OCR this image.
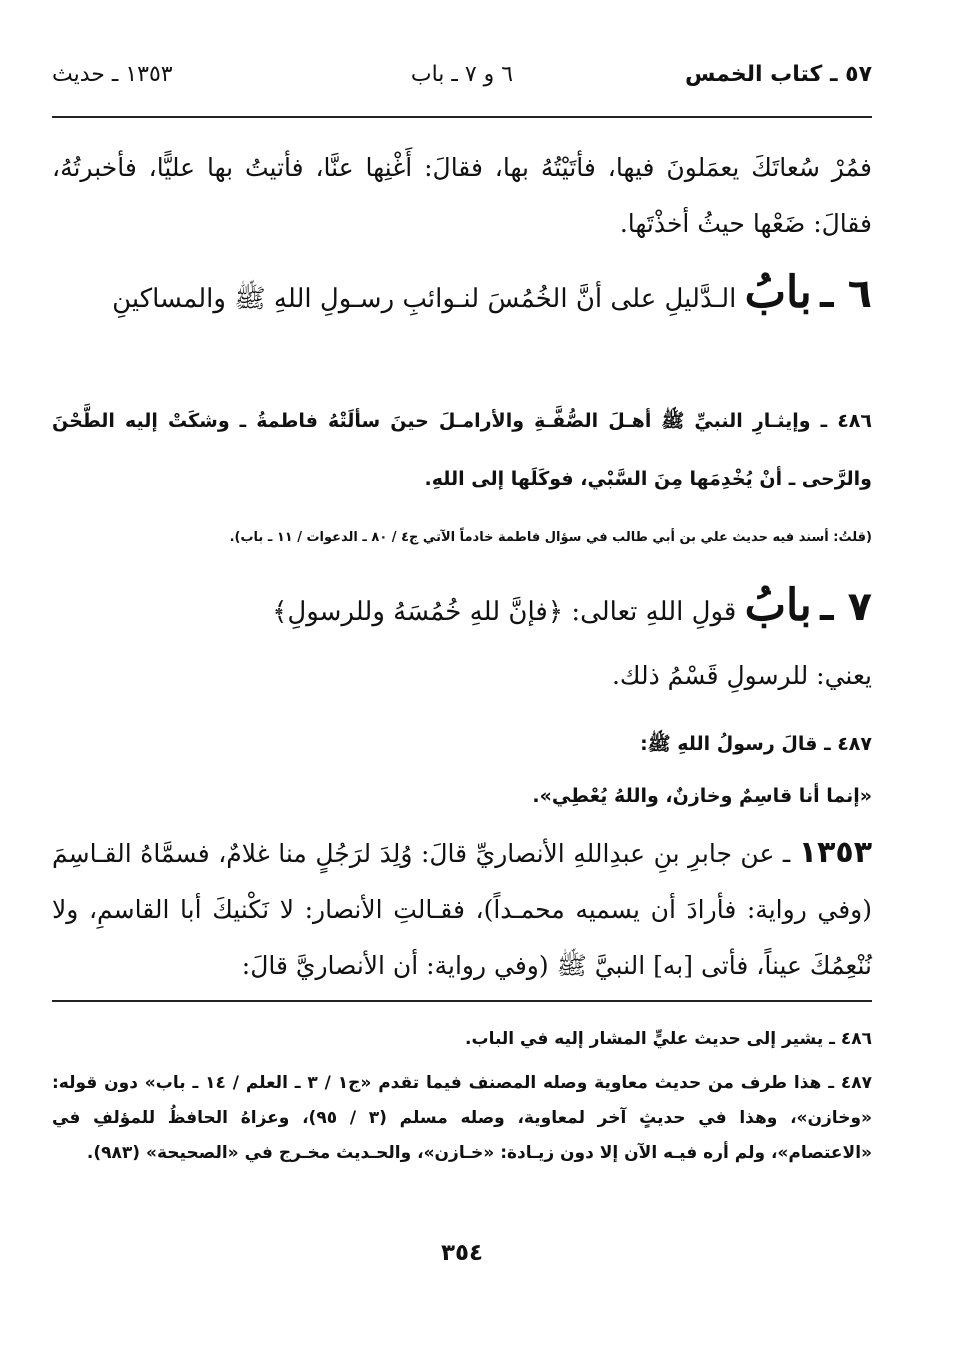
٥٧ ـ كتاب الخمس
٦ و ٧ ـ باب
١٣٥٣ ـ حديث
فمُرْ سُعاتَكَ يعمَلونَ فيها، فأتَيْتُهُ بها، فقالَ: أَغْنِها عنَّا، فأتيتُ بها عليًّا، فأخبرتُهُ، فقالَ: ضَعْها حيثُ أخذْتَها.
٦ ـ بابُ الـدَّليلِ على أنَّ الخُمُسَ لنـوائبِ رسـولِ اللهِ ﷺ والمساكينِ
٤٨٦ ـ وإيثـارِ النبيِّ ﷺ أهـلَ الصُّفَّـةِ والأرامـلَ حينَ سألَتْهُ فاطمةُ ـ وشكَتْ إليه الطَّحْنَ والرَّحى ـ أنْ يُخْدِمَها مِنَ السَّبْي، فوكَلَها إلى اللهِ.
(قلتُ: أسند فيه حديث علي بن أبي طالب في سؤال فاطمة خادماً الآتي ج٤ / ٨٠ ـ الدعوات / ١١ ـ باب).
٧ ـ بابُ قولِ اللهِ تعالى: ﴿فإنَّ للهِ خُمُسَهُ وللرسولِ﴾
يعني: للرسولِ قَسْمُ ذلك.
٤٨٧ ـ قالَ رسولُ اللهِ ﷺ:
«إنما أنا قاسِمٌ وخازنٌ، واللهُ يُعْطِي».
١٣٥٣ ـ عن جابرِ بنِ عبدِاللهِ الأنصاريِّ قالَ: وُلِدَ لرَجُلٍ منا غلامٌ، فسمَّاهُ القـاسِمَ (وفي رواية: فأرادَ أن يسميه محمـداً)، فقـالتِ الأنصار: لا نَكْنيكَ أبا القاسمِ، ولا نُنْعِمُكَ عيناً، فأتى [به] النبيَّ ﷺ (وفي رواية: أن الأنصاريَّ قالَ:
٤٨٦ ـ يشير إلى حديث عليٍّ المشار إليه في الباب.
٤٨٧ ـ هذا طرف من حديث معاوية وصله المصنف فيما تقدم «ج١ / ٣ ـ العلم / ١٤ ـ باب» دون قوله: «وخازن»، وهذا في حديثٍ آخر لمعاوية، وصله مسلم (٣ / ٩٥)، وعزاهُ الحافظُ للمؤلفِ في «الاعتصام»، ولم أره فيـه الآن إلا دون زيـادة: «خـازن»، والحـديث مخـرج في «الصحيحة» (٩٨٣).
٣٥٤
